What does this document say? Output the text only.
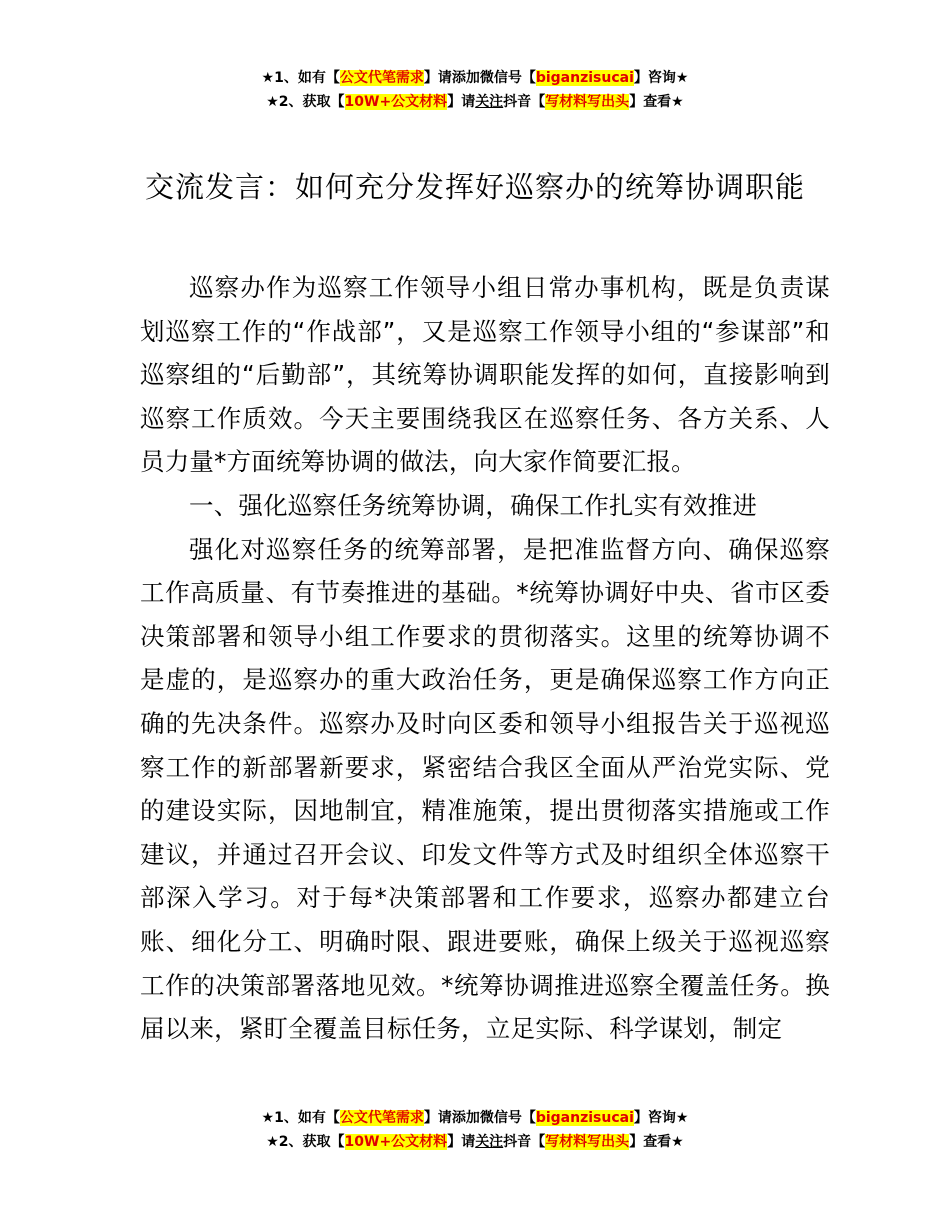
★1、如有【公文代笔需求】请添加微信号【biganzisucai】咨询★
★2、获取【10W+公文材料】请关注抖音【写材料写出头】查看★
交流发言：如何充分发挥好巡察办的统筹协调职能

巡察办作为巡察工作领导小组日常办事机构，既是负责谋划巡察工作的“作战部”，又是巡察工作领导小组的“参谋部”和巡察组的“后勤部”，其统筹协调职能发挥的如何，直接影响到巡察工作质效。今天主要围绕我区在巡察任务、各方关系、人员力量*方面统筹协调的做法，向大家作简要汇报。

一、强化巡察任务统筹协调，确保工作扎实有效推进

强化对巡察任务的统筹部署，是把准监督方向、确保巡察工作高质量、有节奏推进的基础。*统筹协调好中央、省市区委决策部署和领导小组工作要求的贯彻落实。这里的统筹协调不是虚的，是巡察办的重大政治任务，更是确保巡察工作方向正确的先决条件。巡察办及时向区委和领导小组报告关于巡视巡察工作的新部署新要求，紧密结合我区全面从严治党实际、党的建设实际，因地制宜，精准施策，提出贯彻落实措施或工作建议，并通过召开会议、印发文件等方式及时组织全体巡察干部深入学习。对于每*决策部署和工作要求，巡察办都建立台账、细化分工、明确时限、跟进要账，确保上级关于巡视巡察工作的决策部署落地见效。*统筹协调推进巡察全覆盖任务。换届以来，紧盯全覆盖目标任务，立足实际、科学谋划，制定

★1、如有【公文代笔需求】请添加微信号【biganzisucai】咨询★
★2、获取【10W+公文材料】请关注抖音【写材料写出头】查看★
